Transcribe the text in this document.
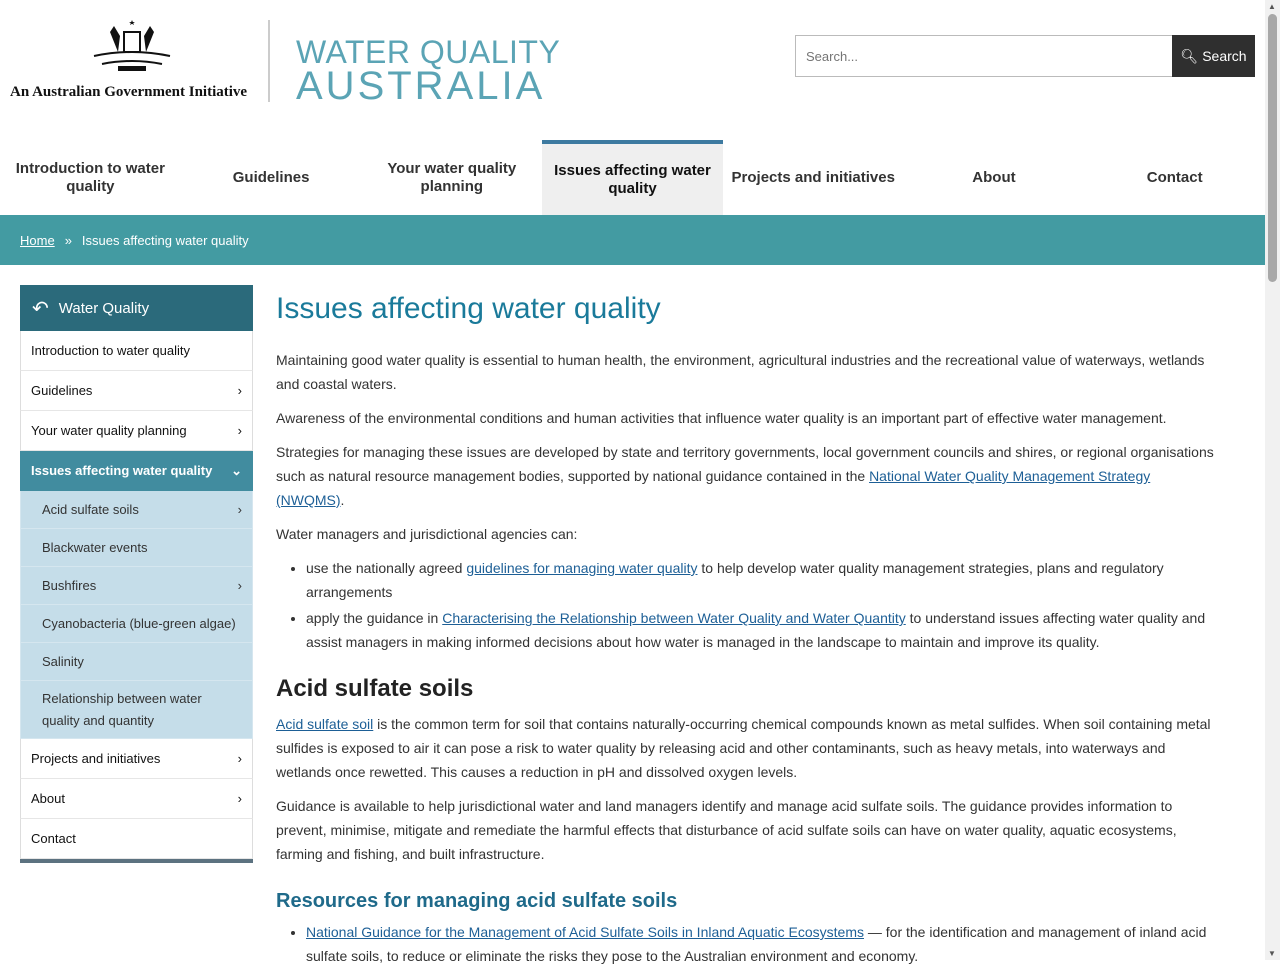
An Australian Government Initiative
WATER QUALITY
AUSTRALIA
Search...
🔍︎ Search
Introduction to water quality
Guidelines
Your water quality planning
Issues affecting water quality
Projects and initiatives	About	Contact
Home » Issues affecting water quality
↶ Water Quality
Introduction to water quality
Guidelines	›
Your water quality planning	›
Issues affecting water quality ⌄
Acid sulfate soils	›
Blackwater events
Bushfires	›
Cyanobacteria (blue-green algae)
Salinity
Relationship between water quality and quantity
Projects and initiatives	›
About	›
Contact
Issues affecting water quality

Maintaining good water quality is essential to human health, the environment, agricultural industries and the recreational value of waterways, wetlands and coastal waters.

Awareness of the environmental conditions and human activities that influence water quality is an important part of effective water management.

Strategies for managing these issues are developed by state and territory governments, local government councils and shires, or regional organisations such as natural resource management bodies, supported by national guidance contained in the National Water Quality Management Strategy (NWQMS).

Water managers and jurisdictional agencies can:

• use the nationally agreed guidelines for managing water quality to help develop water quality management strategies, plans and regulatory arrangements
• apply the guidance in Characterising the Relationship between Water Quality and Water Quantity to understand issues affecting water quality and assist managers in making informed decisions about how water is managed in the landscape to maintain and improve its quality.
Acid sulfate soils

Acid sulfate soil is the common term for soil that contains naturally-occurring chemical compounds known as metal sulfides. When soil containing metal sulfides is exposed to air it can pose a risk to water quality by releasing acid and other contaminants, such as heavy metals, into waterways and wetlands once rewetted. This causes a reduction in pH and dissolved oxygen levels.

Guidance is available to help jurisdictional water and land managers identify and manage acid sulfate soils. The guidance provides information to prevent, minimise, mitigate and remediate the harmful effects that disturbance of acid sulfate soils can have on water quality, aquatic ecosystems, farming and fishing, and built infrastructure.

Resources for managing acid sulfate soils
• National Guidance for the Management of Acid Sulfate Soils in Inland Aquatic Ecosystems — for the identification and management of inland acid sulfate soils, to reduce or eliminate the risks they pose to the Australian environment and economy.
▲
▼
